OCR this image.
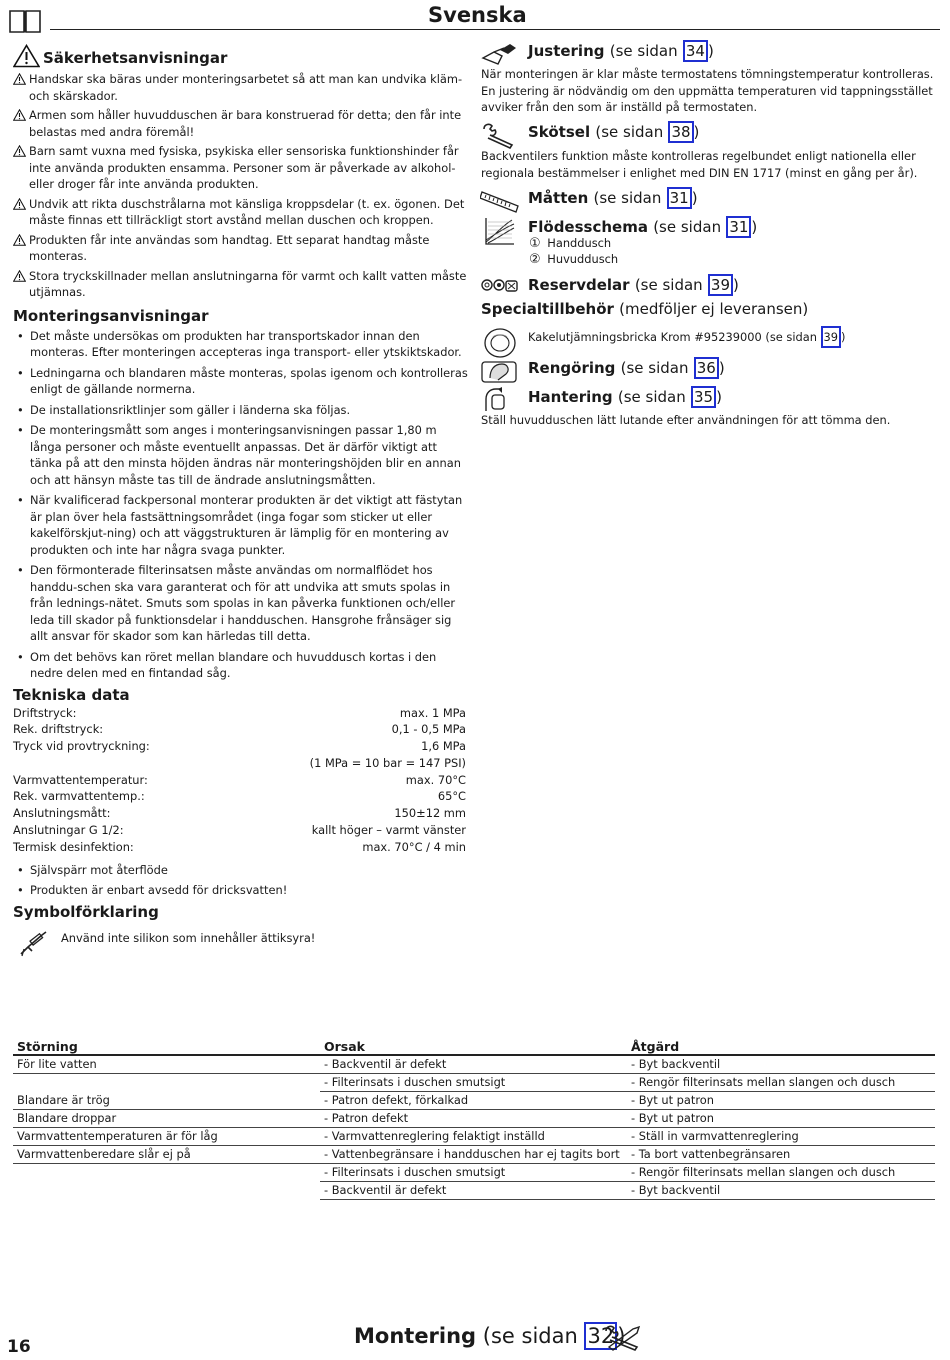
Svenska
Säkerhetsanvisningar
Handskar ska bäras under monteringsarbetet så att man kan undvika kläm- och skärskador.
Armen som håller huvudduschen är bara konstruerad för detta; den får inte belastas med andra föremål!
Barn samt vuxna med fysiska, psykiska eller sensoriska funktionshinder får inte använda produkten ensamma. Personer som är påverkade av alkohol- eller droger får inte använda produkten.
Undvik att rikta duschstrålarna mot känsliga kroppsdelar (t. ex. ögonen. Det måste finnas ett tillräckligt stort avstånd mellan duschen och kroppen.
Produkten får inte användas som handtag. Ett separat handtag måste monteras.
Stora tryckskillnader mellan anslutningarna för varmt och kallt vatten måste utjämnas.
Monteringsanvisningar
• Det måste undersökas om produkten har transportskador innan den monteras. Efter monteringen accepteras inga transport- eller ytskiktskador.
• Ledningarna och blandaren måste monteras, spolas igenom och kontrolleras enligt de gällande normerna.
• De installationsriktlinjer som gäller i länderna ska följas.
• De monteringsmått som anges i monteringsanvisningen passar 1,80 m långa personer och måste eventuellt anpassas. Det är därför viktigt att tänka på att den minsta höjden ändras när monteringshöjden blir en annan och att hänsyn måste tas till de ändrade anslutningsmåtten.
• När kvalificerad fackpersonal monterar produkten är det viktigt att fästytan är plan över hela fastsättningsområdet (inga fogar som sticker ut eller kakelförskjut-ning) och att väggstrukturen är lämplig för en montering av produkten och inte har några svaga punkter.
• Den förmonterade filterinsatsen måste användas om normalflödet hos handdu-schen ska vara garanterat och för att undvika att smuts spolas in från lednings-nätet. Smuts som spolas in kan påverka funktionen och/eller leda till skador på funktionsdelar i handduschen. Hansgrohe frånsäger sig allt ansvar för skador som kan härledas till detta.
• Om det behövs kan röret mellan blandare och huvuddusch kortas i den nedre delen med en fintandad såg.
Tekniska data
Driftstryck:	max. 1 MPa
Rek. driftstryck:	0,1 - 0,5 MPa
Tryck vid provtryckning:	1,6 MPa
	(1 MPa = 10 bar = 147 PSI)
Varmvattentemperatur:	max. 70°C
Rek. varmvattentemp.:	65°C
Anslutningsmått:	150±12 mm
Anslutningar G 1/2:	kallt höger – varmt vänster
Termisk desinfektion:	max. 70°C / 4 min
• Självspärr mot återflöde
• Produkten är enbart avsedd för dricksvatten!
Symbolförklaring
Använd inte silikon som innehåller ättiksyra!
Justering (se sidan 34 )
När monteringen är klar måste termostatens tömningstemperatur kontrolleras. En justering är nödvändig om den uppmätta temperaturen vid tappningsstället avviker från den som är inställd på termostaten.
Skötsel (se sidan 38 )
Backventilers funktion måste kontrolleras regelbundet enligt nationella eller regionala bestämmelser i enlighet med DIN EN 1717 (minst en gång per år).
Måtten (se sidan 31 )
Flödesschema (se sidan 31 )
① Handdusch
② Huvuddusch
Reservdelar (se sidan 39 )
Specialtillbehör (medföljer ej leveransen)
Kakelutjämningsbricka Krom #95239000 (se sidan 39 )
Rengöring (se sidan 36 )
Hantering (se sidan 35 )
Ställ huvudduschen lätt lutande efter användningen för att tömma den.
Störning	Orsak	Åtgärd
För lite vatten	- Backventil är defekt	- Byt backventil
	- Filterinsats i duschen smutsigt	- Rengör filterinsats mellan slangen och dusch
Blandare är trög	- Patron defekt, förkalkad	- Byt ut patron
Blandare droppar	- Patron defekt	- Byt ut patron
Varmvattentemperaturen är för låg	- Varmvattenreglering felaktigt inställd	- Ställ in varmvattenreglering
Varmvattenberedare slår ej på	- Vattenbegränsare i handduschen har ej tagits bort	- Ta bort vattenbegränsaren
	- Filterinsats i duschen smutsigt	- Rengör filterinsats mellan slangen och dusch
	- Backventil är defekt	- Byt backventil
16	Montering (se sidan 32 )
